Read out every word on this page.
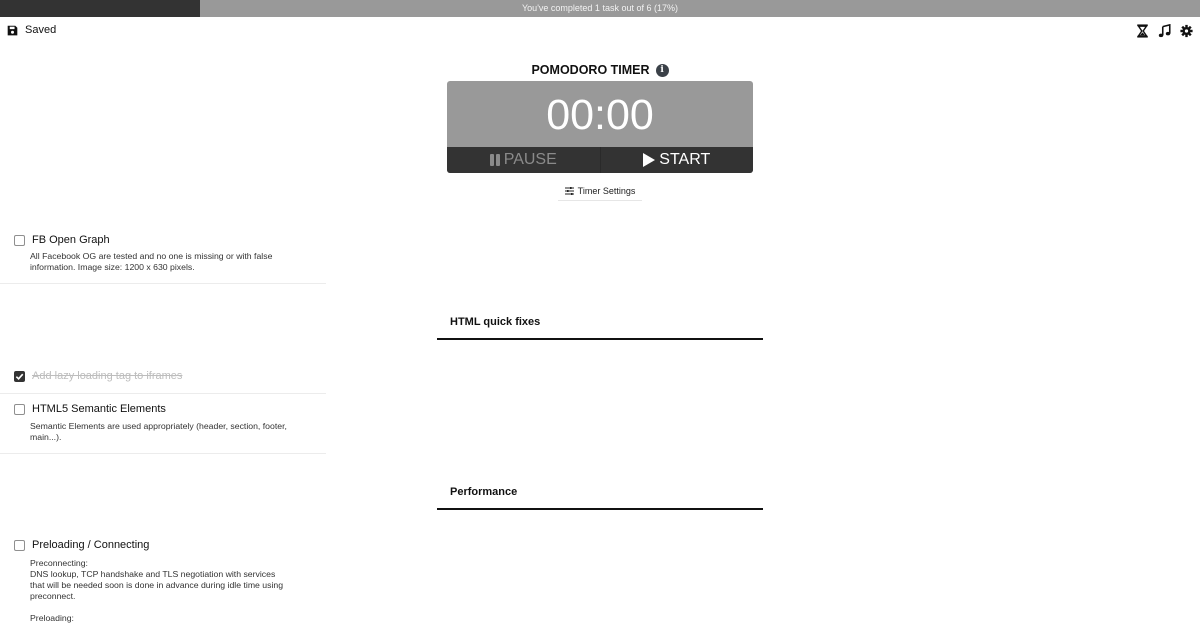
You've completed 1 task out of 6 (17%)
Saved
POMODORO TIMER	i
00:00
PAUSE	START
Timer Settings
FB Open Graph
All Facebook OG are tested and no one is missing or with false information. Image size: 1200 x 630 pixels.
HTML quick fixes
Add lazy loading tag to iframes
HTML5 Semantic Elements
Semantic Elements are used appropriately (header, section, footer, main...).
Performance
Preloading / Connecting
Preconnecting:
DNS lookup, TCP handshake and TLS negotiation with services that will be needed soon is done in advance during idle time using preconnect.
Preloading:
